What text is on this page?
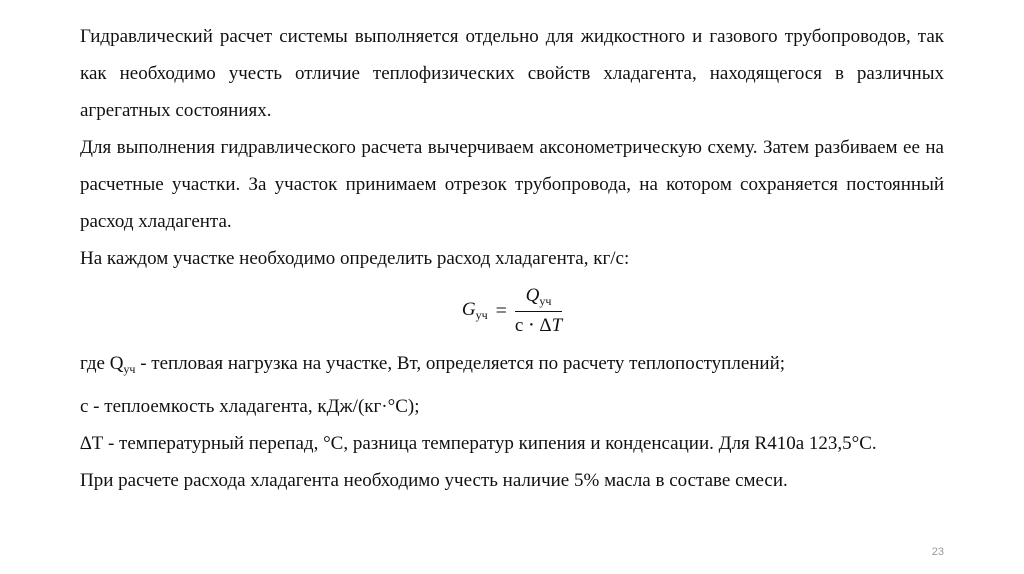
Гидравлический расчет системы выполняется отдельно для жидкостного и газового трубопроводов, так как необходимо учесть отличие теплофизических свойств хладагента, находящегося в различных агрегатных состояниях.

Для выполнения гидравлического расчета вычерчиваем аксонометрическую схему. Затем разбиваем ее на расчетные участки. За участок принимаем отрезок трубопровода, на котором сохраняется постоянный расход хладагента.

На каждом участке необходимо определить расход хладагента, кг/с:

$G_{уч} = \frac{Q_{уч}}{с \cdot \Delta T}$

где $Q_{уч}$ - тепловая нагрузка на участке, Вт, определяется по расчету теплопоступлений;

с - теплоемкость хладагента, кДж/(кг·°С);

∆Т - температурный перепад, °С, разница температур кипения и конденсации. Для R410а 123,5°С.

При расчете расхода хладагента необходимо учесть наличие 5% масла в составе смеси.

23
